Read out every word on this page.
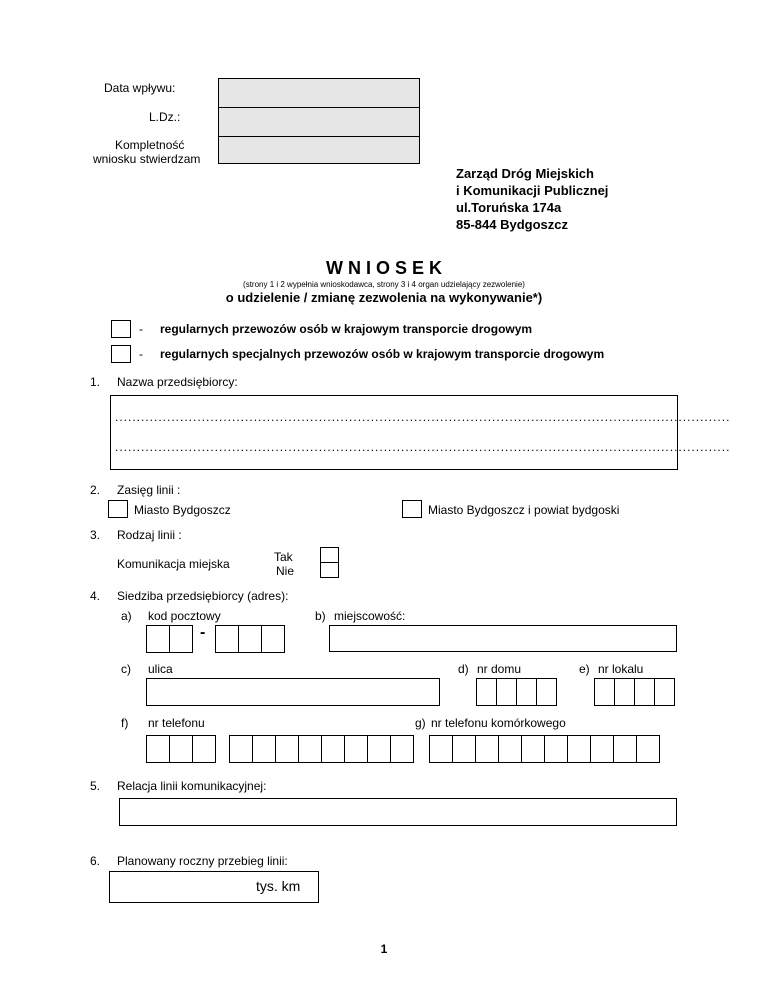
Data wpływu:
L.Dz.:
Kompletność
wniosku stwierdzam
Zarząd Dróg Miejskich
i Komunikacji Publicznej
ul.Toruńska 174a
85-844 Bydgoszcz
W N I O S E K
(strony 1 i 2 wypełnia wnioskodawca, strony 3 i 4 organ udzielający zezwolenie)
o udzielenie / zmianę zezwolenia na wykonywanie*)
- regularnych przewozów osób w krajowym transporcie drogowym
- regularnych specjalnych przewozów osób w krajowym transporcie drogowym
1. Nazwa przedsiębiorcy:
..............................................................................................................................................
..............................................................................................................................................
2. Zasięg linii :
Miasto Bydgoszcz	Miasto Bydgoszcz i powiat bydgoski
3. Rodzaj linii :
Komunikacja miejska	Tak
Nie
4. Siedziba przedsiębiorcy (adres):
a) kod pocztowy
-
b) miejscowość:
c) ulica	d) nr domu	e) nr lokalu
f) nr telefonu	g) nr telefonu komórkowego
5. Relacja linii komunikacyjnej:
6. Planowany roczny przebieg linii:
tys. km
1
